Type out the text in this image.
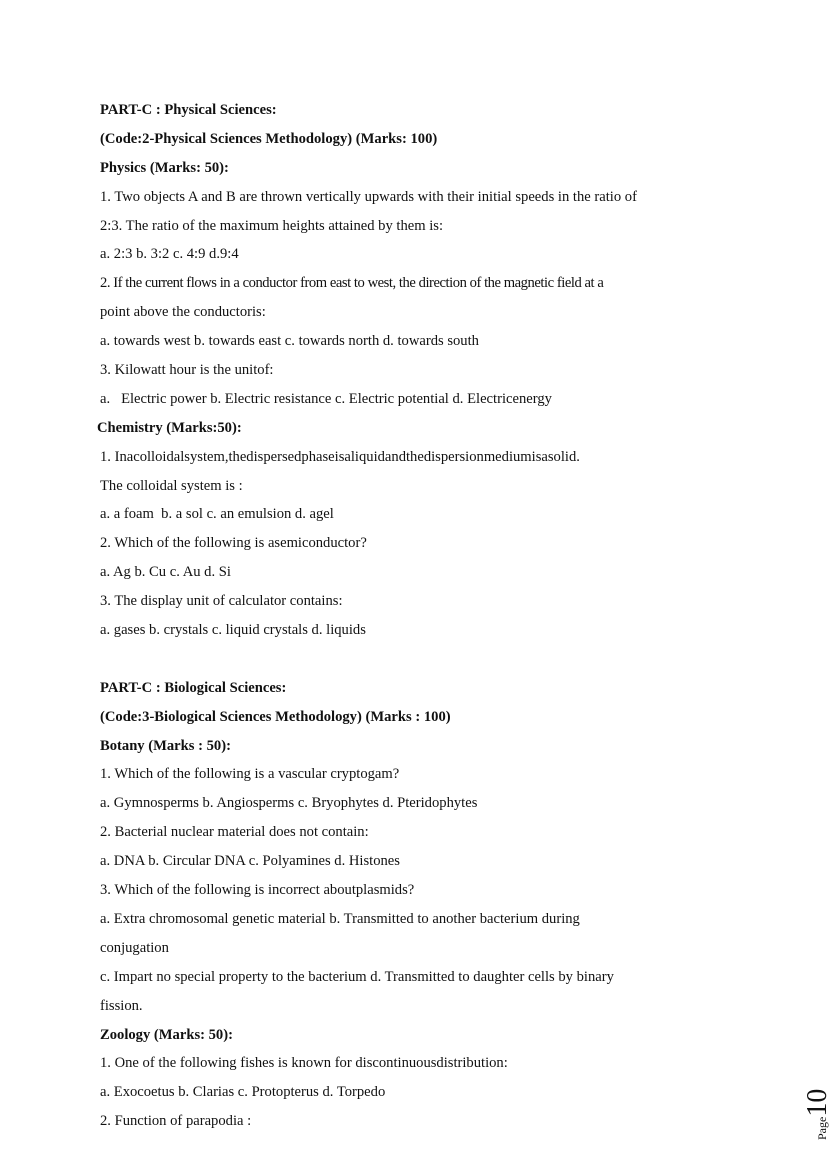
PART-C : Physical Sciences:
(Code:2-Physical Sciences Methodology) (Marks: 100)
Physics (Marks: 50):
1. Two objects A and B are thrown vertically upwards with their initial speeds in the ratio of
2:3. The ratio of the maximum heights attained by them is:
a. 2:3 b. 3:2 c. 4:9 d.9:4
2. If the current flows in a conductor from east to west, the direction of the magnetic field at a
point above the conductoris:
a. towards west b. towards east c. towards north d. towards south
3. Kilowatt hour is the unitof:
a.   Electric power b. Electric resistance c. Electric potential d. Electricenergy
Chemistry (Marks:50):
1. Inacolloidalsystem,thedispersedphaseisaliquidandthedispersionmediumisasolid.
The colloidal system is :
a. a foam  b. a sol c. an emulsion d. agel
2. Which of the following is asemiconductor?
a. Ag b. Cu c. Au d. Si
3. The display unit of calculator contains:
a. gases b. crystals c. liquid crystals d. liquids
PART-C : Biological Sciences:
(Code:3-Biological Sciences Methodology) (Marks : 100)
Botany (Marks : 50):
1. Which of the following is a vascular cryptogam?
a. Gymnosperms b. Angiosperms c. Bryophytes d. Pteridophytes
2. Bacterial nuclear material does not contain:
a. DNA b. Circular DNA c. Polyamines d. Histones
3. Which of the following is incorrect aboutplasmids?
a. Extra chromosomal genetic material b. Transmitted to another bacterium during
conjugation
c. Impart no special property to the bacterium d. Transmitted to daughter cells by binary
fission.
Zoology (Marks: 50):
1. One of the following fishes is known for discontinuousdistribution:
a. Exocoetus b. Clarias c. Protopterus d. Torpedo
2. Function of parapodia :	Page10
